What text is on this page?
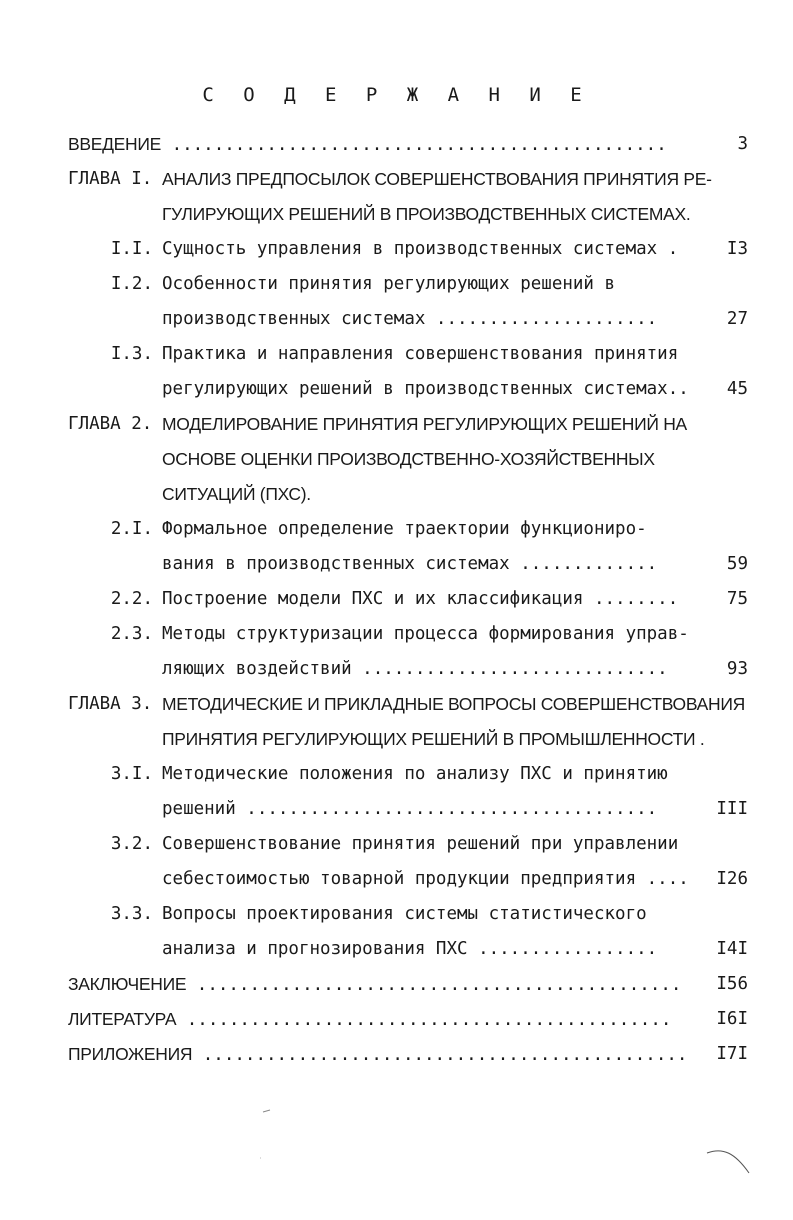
С О Д Е Р Ж А Н И Е
ВВЕДЕНИЕ ...............................................	3
ГЛАВА I. АНАЛИЗ ПРЕДПОСЫЛОК СОВЕРШЕНСТВОВАНИЯ ПРИНЯТИЯ РЕ-
ГУЛИРУЮЩИХ РЕШЕНИЙ В ПРОИЗВОДСТВЕННЫХ СИСТЕМАХ.
I.I. Сущность управления в производственных системах .	I3
I.2. Особенности принятия регулирующих решений в
производственных системах .....................	27
I.3. Практика и направления совершенствования принятия
регулирующих решений в производственных системах.. 45
ГЛАВА 2. МОДЕЛИРОВАНИЕ ПРИНЯТИЯ РЕГУЛИРУЮЩИХ РЕШЕНИЙ НА
ОСНОВЕ ОЦЕНКИ ПРОИЗВОДСТВЕННО-ХОЗЯЙСТВЕННЫХ
СИТУАЦИЙ (ПХС).
2.I. Формальное определение траектории функциониро-
вания в производственных системах .............	59
2.2. Построение модели ПХС и их классификация ........	75
2.3. Методы структуризации процесса формирования управ-
ляющих воздействий .............................	93
ГЛАВА 3. МЕТОДИЧЕСКИЕ И ПРИКЛАДНЫЕ ВОПРОСЫ СОВЕРШЕНСТВОВАНИЯ
ПРИНЯТИЯ РЕГУЛИРУЮЩИХ РЕШЕНИЙ В ПРОМЫШЛЕННОСТИ .
3.I. Методические положения по анализу ПХС и принятию
решений .......................................	III
3.2. Совершенствование принятия решений при управлении
себестоимостью товарной продукции предприятия .... I26
3.3. Вопросы проектирования системы статистического
анализа и прогнозирования ПХС .................	I4I
ЗАКЛЮЧЕНИЕ .............................................. I56
ЛИТЕРАТУРА ..............................................	I6I
ПРИЛОЖЕНИЯ .............................................. I7I
